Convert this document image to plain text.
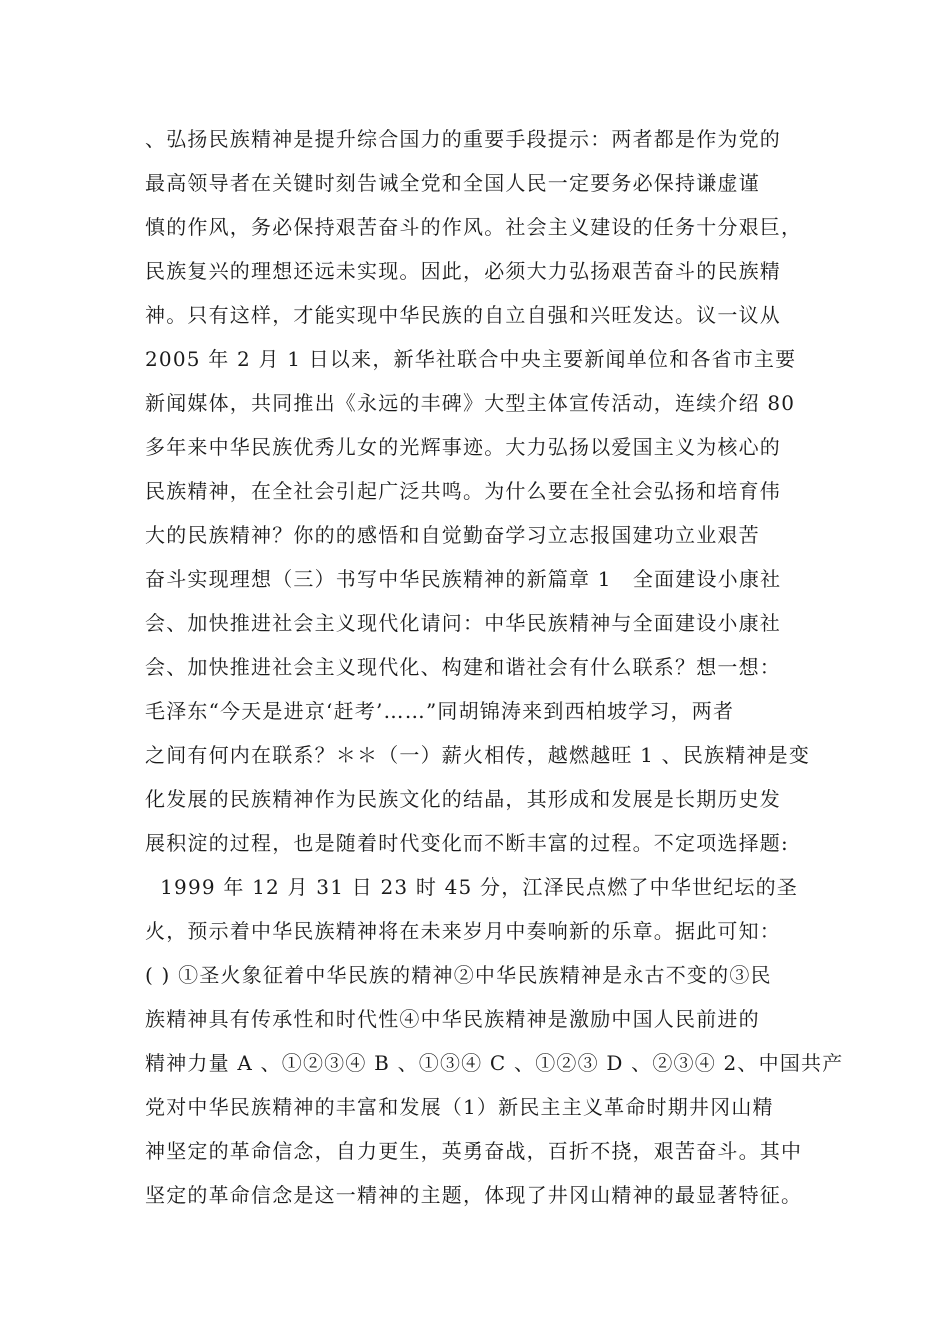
、弘扬民族精神是提升综合国力的重要手段提示：两者都是作为党的
最高领导者在关键时刻告诫全党和全国人民一定要务必保持谦虚谨
慎的作风，务必保持艰苦奋斗的作风。社会主义建设的任务十分艰巨，
民族复兴的理想还远未实现。因此，必须大力弘扬艰苦奋斗的民族精
神。只有这样，才能实现中华民族的自立自强和兴旺发达。议一议从
2005 年 2 月 1 日以来，新华社联合中央主要新闻单位和各省市主要
新闻媒体，共同推出《永远的丰碑》大型主体宣传活动，连续介绍 80
多年来中华民族优秀儿女的光辉事迹。大力弘扬以爱国主义为核心的
民族精神，在全社会引起广泛共鸣。为什么要在全社会弘扬和培育伟
大的民族精神？你的的感悟和自觉勤奋学习立志报国建功立业艰苦
奋斗实现理想（三）书写中华民族精神的新篇章 1　全面建设小康社
会、加快推进社会主义现代化请问：中华民族精神与全面建设小康社
会、加快推进社会主义现代化、构建和谐社会有什么联系？想一想：
毛泽东“今天是进京‘赶考’……”同胡锦涛来到西柏坡学习，两者
之间有何内在联系？＊＊（一）薪火相传，越燃越旺 1 、民族精神是变
化发展的民族精神作为民族文化的结晶，其形成和发展是长期历史发
展积淀的过程，也是随着时代变化而不断丰富的过程。不定项选择题:
1999 年 12 月 31 日 23 时 45 分，江泽民点燃了中华世纪坛的圣
火，预示着中华民族精神将在未来岁月中奏响新的乐章。据此可知：
( ) ①圣火象征着中华民族的精神②中华民族精神是永古不变的③民
族精神具有传承性和时代性④中华民族精神是激励中国人民前进的
精神力量 A 、①②③④ B 、①③④ C 、①②③ D 、②③④ 2、中国共产
党对中华民族精神的丰富和发展（1）新民主主义革命时期井冈山精
神坚定的革命信念，自力更生，英勇奋战，百折不挠，艰苦奋斗。其中
坚定的革命信念是这一精神的主题，体现了井冈山精神的最显著特征。
